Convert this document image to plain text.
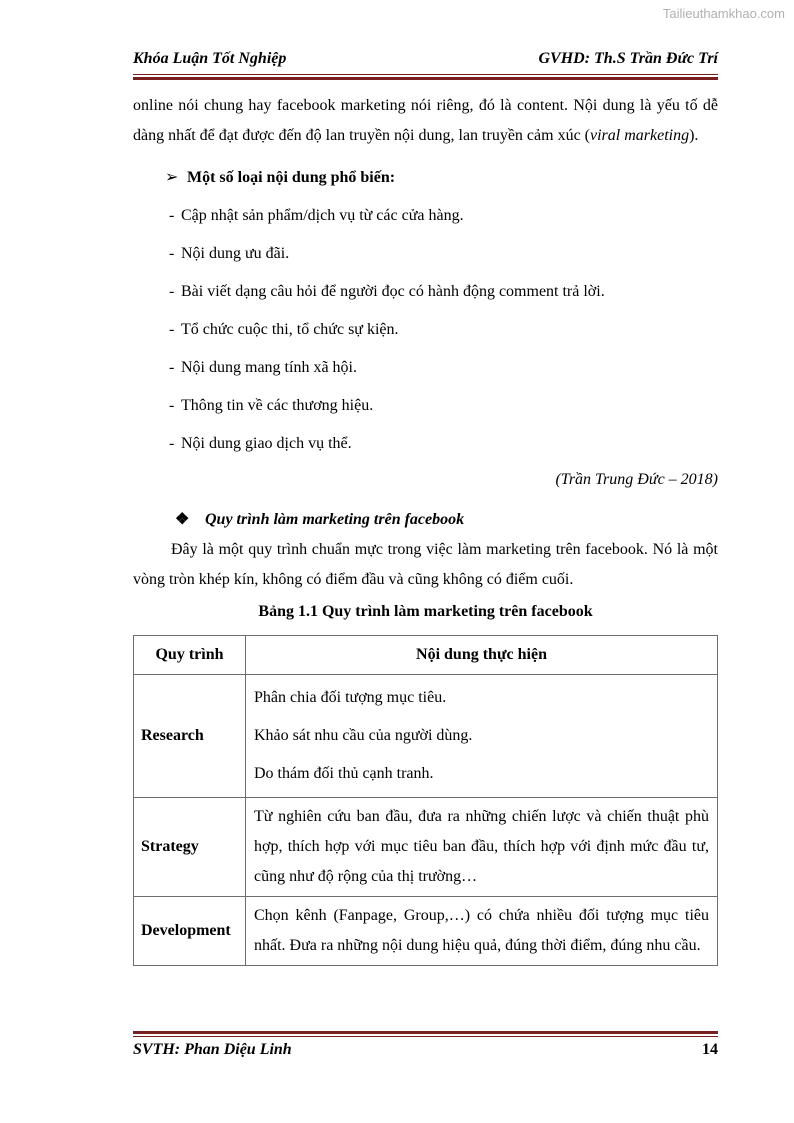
Tailieuthamkhao.com
Khóa Luận Tốt Nghiệp	GVHD: Th.S Trần Đức Trí

online nói chung hay facebook marketing nói riêng, đó là content. Nội dung là yếu tố dễ dàng nhất để đạt được đến độ lan truyền nội dung, lan truyền cảm xúc (viral marketing).

➢ Một số loại nội dung phổ biến:
- Cập nhật sản phẩm/dịch vụ từ các cửa hàng.
- Nội dung ưu đãi.
- Bài viết dạng câu hỏi để người đọc có hành động comment trả lời.
- Tổ chức cuộc thi, tổ chức sự kiện.
- Nội dung mang tính xã hội.
- Thông tin về các thương hiệu.
- Nội dung giao dịch vụ thể.
(Trần Trung Đức – 2018)
❖ Quy trình làm marketing trên facebook

Đây là một quy trình chuẩn mực trong việc làm marketing trên facebook. Nó là một vòng tròn khép kín, không có điểm đầu và cũng không có điểm cuối.

Bảng 1.1 Quy trình làm marketing trên facebook
Quy trình	Nội dung thực hiện
Research	Phân chia đối tượng mục tiêu.
Khảo sát nhu cầu của người dùng.
Do thám đối thủ cạnh tranh.

Strategy	Từ nghiên cứu ban đầu, đưa ra những chiến lược và chiến thuật phù hợp, thích hợp với mục tiêu ban đầu, thích hợp với định mức đầu tư, cũng như độ rộng của thị trường…

Development	Chọn kênh (Fanpage, Group,…) có chứa nhiều đối tượng mục tiêu nhất. Đưa ra những nội dung hiệu quả, đúng thời điểm, đúng nhu cầu.
SVTH: Phan Diệu Linh	14
